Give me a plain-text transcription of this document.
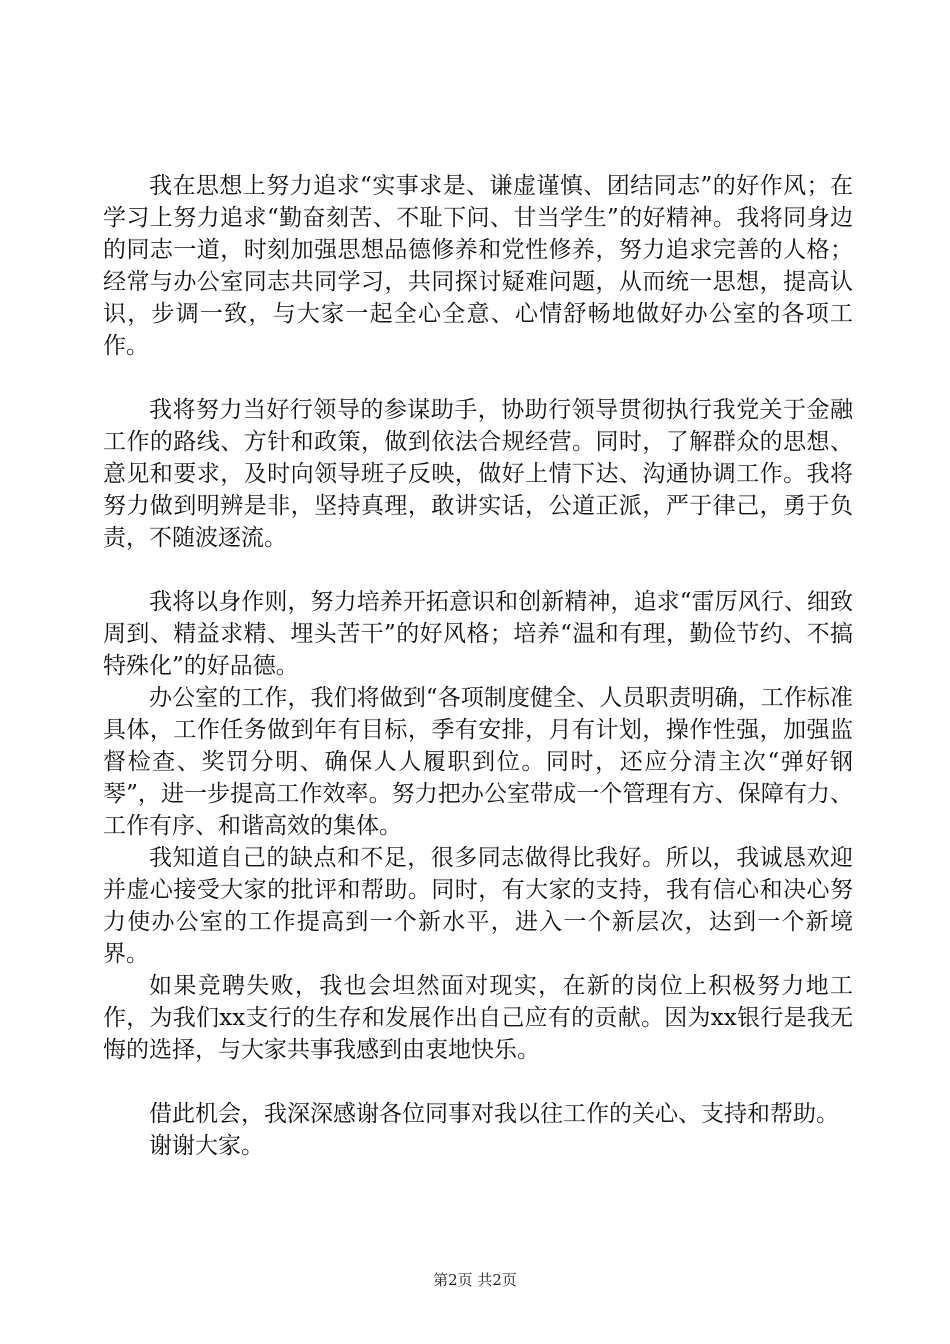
我在思想上努力追求“实事求是、谦虚谨慎、团结同志”的好作风；在学习上努力追求“勤奋刻苦、不耻下问、甘当学生”的好精神。我将同身边的同志一道，时刻加强思想品德修养和党性修养，努力追求完善的人格；经常与办公室同志共同学习，共同探讨疑难问题，从而统一思想，提高认识，步调一致，与大家一起全心全意、心情舒畅地做好办公室的各项工作。

我将努力当好行领导的参谋助手，协助行领导贯彻执行我党关于金融工作的路线、方针和政策，做到依法合规经营。同时，了解群众的思想、意见和要求，及时向领导班子反映，做好上情下达、沟通协调工作。我将努力做到明辨是非，坚持真理，敢讲实话，公道正派，严于律己，勇于负责，不随波逐流。

我将以身作则，努力培养开拓意识和创新精神，追求“雷厉风行、细致周到、精益求精、埋头苦干”的好风格；培养“温和有理，勤俭节约、不搞特殊化”的好品德。

办公室的工作，我们将做到“各项制度健全、人员职责明确，工作标准具体，工作任务做到年有目标，季有安排，月有计划，操作性强，加强监督检查、奖罚分明、确保人人履职到位。同时，还应分清主次“弹好钢琴”，进一步提高工作效率。努力把办公室带成一个管理有方、保障有力、工作有序、和谐高效的集体。

我知道自己的缺点和不足，很多同志做得比我好。所以，我诚恳欢迎并虚心接受大家的批评和帮助。同时，有大家的支持，我有信心和决心努力使办公室的工作提高到一个新水平，进入一个新层次，达到一个新境界。

如果竞聘失败，我也会坦然面对现实，在新的岗位上积极努力地工作，为我们xx支行的生存和发展作出自己应有的贡献。因为xx银行是我无悔的选择，与大家共事我感到由衷地快乐。

借此机会，我深深感谢各位同事对我以往工作的关心、支持和帮助。

谢谢大家。

第2页 共2页
